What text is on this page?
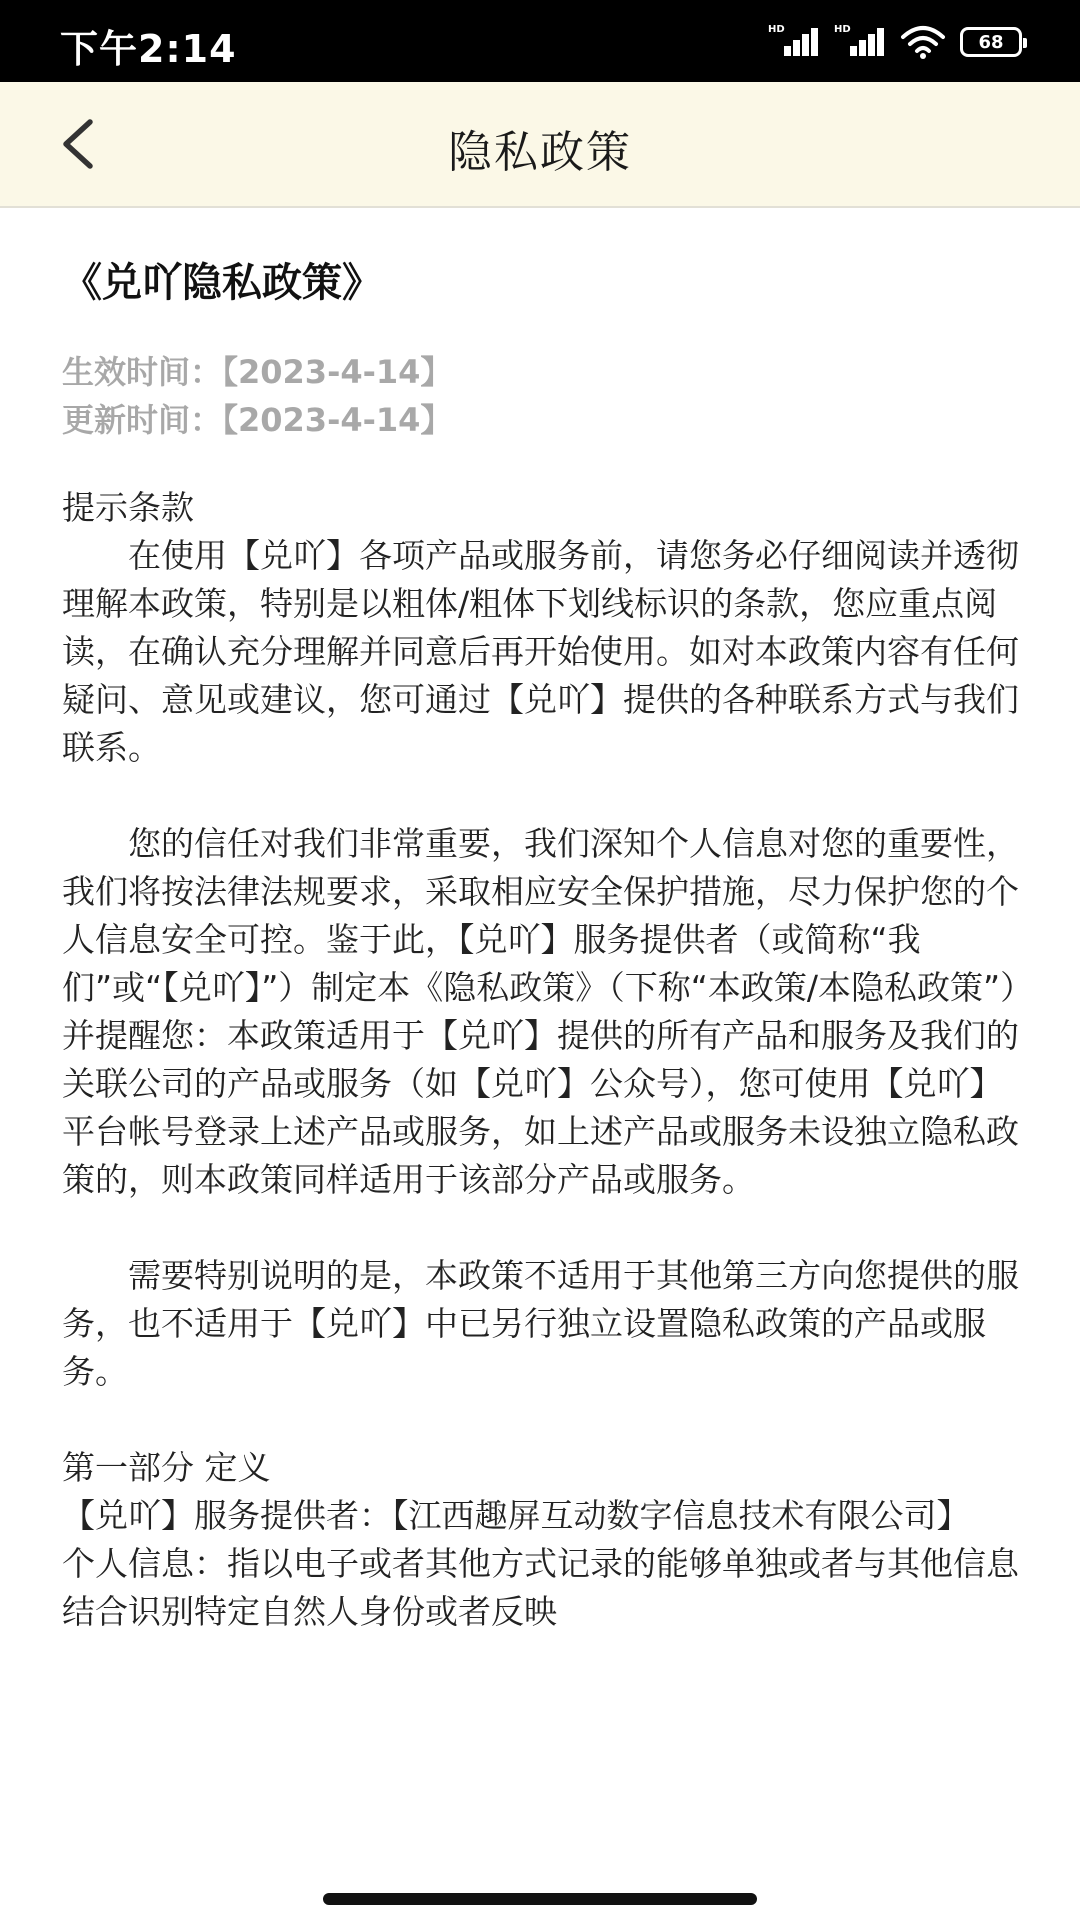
下午2:14	HD	HD
68
隐私政策
《兑吖隐私政策》
生效时间：【2023-4-14】
更新时间：【2023-4-14】

提示条款

在使用【兑吖】各项产品或服务前，请您务必仔细阅读并透彻理解本政策，特别是以粗体/粗体下划线标识的条款，您应重点阅读，在确认充分理解并同意后再开始使用。如对本政策内容有任何疑问、意见或建议，您可通过【兑吖】提供的各种联系方式与我们联系。

您的信任对我们非常重要，我们深知个人信息对您的重要性，我们将按法律法规要求，采取相应安全保护措施，尽力保护您的个人信息安全可控。鉴于此，【兑吖】服务提供者（或简称“我们”或“【兑吖】”）制定本《隐私政策》（下称“本政策/本隐私政策”）并提醒您：本政策适用于【兑吖】提供的所有产品和服务及我们的关联公司的产品或服务（如【兑吖】公众号），您可使用【兑吖】平台帐号登录上述产品或服务，如上述产品或服务未设独立隐私政策的，则本政策同样适用于该部分产品或服务。

需要特别说明的是，本政策不适用于其他第三方向您提供的服务，也不适用于【兑吖】中已另行独立设置隐私政策的产品或服务。

第一部分 定义

【兑吖】服务提供者：【江西趣屏互动数字信息技术有限公司】

个人信息：指以电子或者其他方式记录的能够单独或者与其他信息结合识别特定自然人身份或者反映
